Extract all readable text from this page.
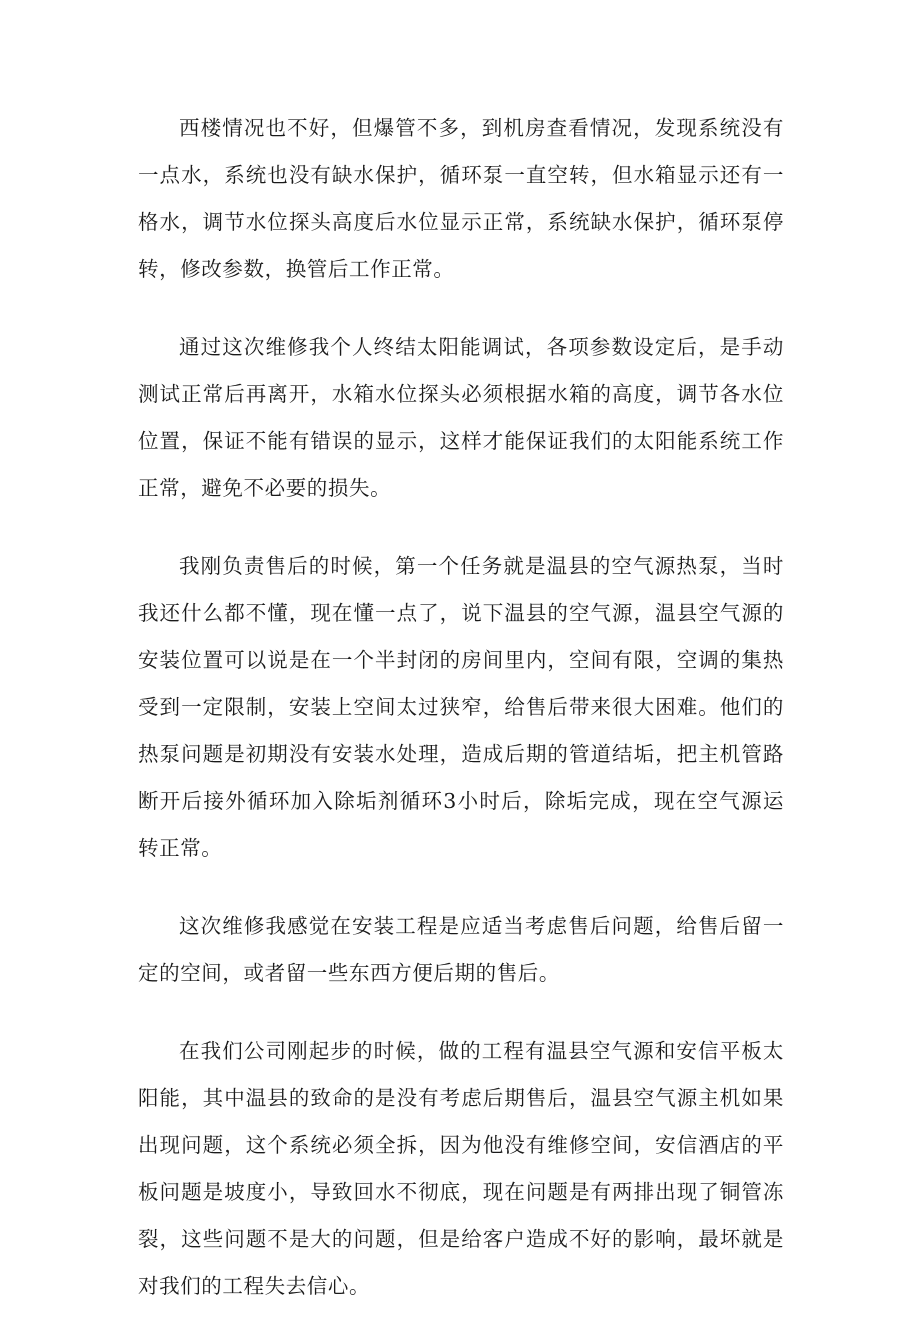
西楼情况也不好，但爆管不多，到机房查看情况，发现系统没有一点水，系统也没有缺水保护，循环泵一直空转，但水箱显示还有一格水，调节水位探头高度后水位显示正常，系统缺水保护，循环泵停转，修改参数，换管后工作正常。

通过这次维修我个人终结太阳能调试，各项参数设定后，是手动测试正常后再离开，水箱水位探头必须根据水箱的高度，调节各水位位置，保证不能有错误的显示，这样才能保证我们的太阳能系统工作正常，避免不必要的损失。

我刚负责售后的时候，第一个任务就是温县的空气源热泵，当时我还什么都不懂，现在懂一点了，说下温县的空气源，温县空气源的安装位置可以说是在一个半封闭的房间里内，空间有限，空调的集热受到一定限制，安装上空间太过狭窄，给售后带来很大困难。他们的热泵问题是初期没有安装水处理，造成后期的管道结垢，把主机管路断开后接外循环加入除垢剂循环3小时后，除垢完成，现在空气源运转正常。

这次维修我感觉在安装工程是应适当考虑售后问题，给售后留一定的空间，或者留一些东西方便后期的售后。

在我们公司刚起步的时候，做的工程有温县空气源和安信平板太阳能，其中温县的致命的是没有考虑后期售后，温县空气源主机如果出现问题，这个系统必须全拆，因为他没有维修空间，安信酒店的平板问题是坡度小，导致回水不彻底，现在问题是有两排出现了铜管冻裂，这些问题不是大的问题，但是给客户造成不好的影响，最坏就是对我们的工程失去信心。
